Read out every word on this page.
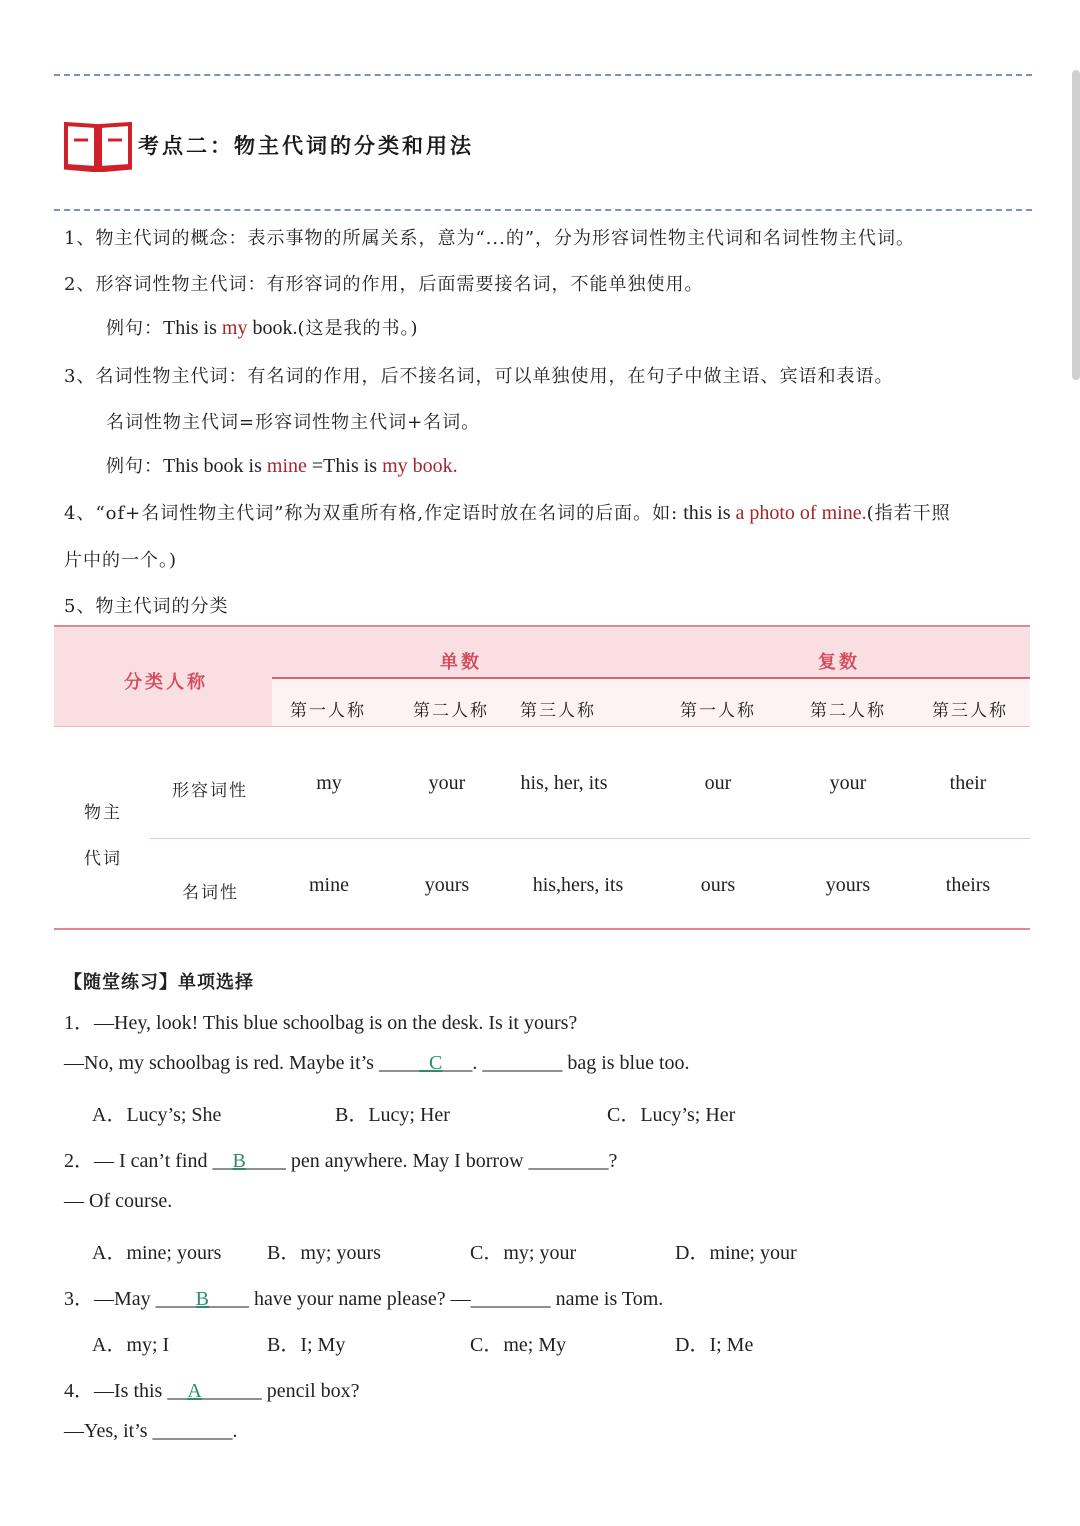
考点二：物主代词的分类和用法
1、物主代词的概念：表示事物的所属关系，意为“...的”，分为形容词性物主代词和名词性物主代词。
2、形容词性物主代词：有形容词的作用，后面需要接名词，不能单独使用。
例句：This is my book.(这是我的书。)
3、名词性物主代词：有名词的作用，后不接名词，可以单独使用，在句子中做主语、宾语和表语。
名词性物主代词=形容词性物主代词+名词。
例句：This book is mine =This is my book.
4、“of+名词性物主代词”称为双重所有格,作定语时放在名词的后面。如: this is a photo of mine.(指若干照
片中的一个。)
5、物主代词的分类
分类人称
单数	复数
第一人称	第二人称 第三人称	第一人称	第二人称	第三人称
物主
代词
形容词性
名词性
my	your	his, her, its	our	your	their
mine	yours	his,hers, its	ours	yours	theirs
【随堂练习】单项选择
1．—Hey, look! This blue schoolbag is on the desk. Is it yours?
—No, my schoolbag is red. Maybe it’s _____C___. ________ bag is blue too.
A．Lucy’s; She	B．Lucy; Her	C．Lucy’s; Her
2．— I can’t find __B____ pen anywhere. May I borrow ________?
— Of course.
A．mine; yours B．my; yours	C．my; your	D．mine; your
3．—May ____B____ have your name please? —________ name is Tom.
A．my; I	B．I; My	C．me; My	D．I; Me
4．—Is this __A______ pencil box?
—Yes, it’s ________.
